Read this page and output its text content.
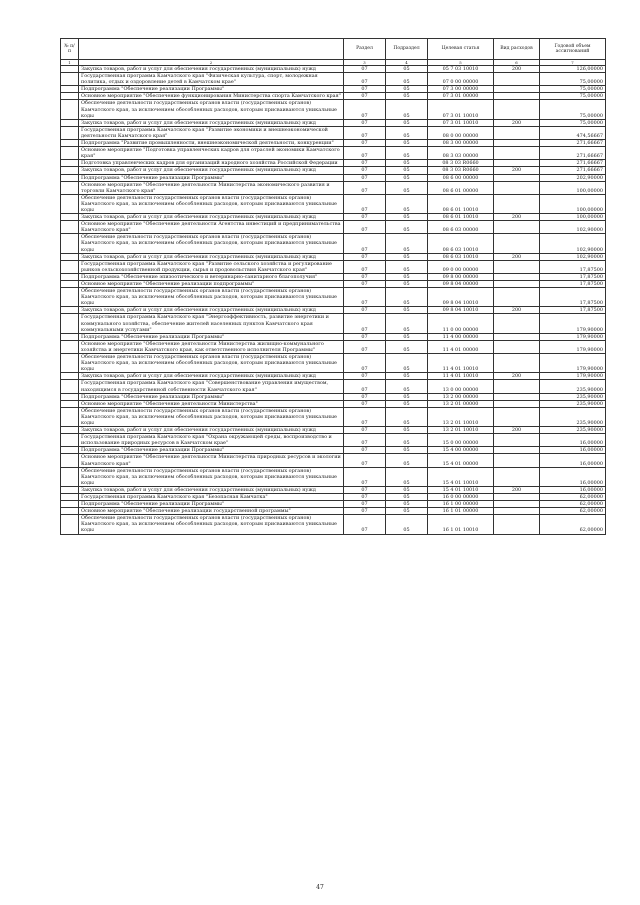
№ п/п		Раздел	Подраздел	Целевая статья	Вид расходов	Годовой объем ассигнований
1	2	3	4	5	6	7
	Закупка товаров, работ и услуг для обеспечения государственных (муниципальных) нужд	07	05	05 7 03 10010	200	126,00000
	Государственная программа Камчатского края "Физическая культура, спорт, молодежная политика, отдых и оздоровление детей в Камчатском крае"	07	05	07 0 00 00000		75,00000
	Подпрограмма "Обеспечение реализации Программы"	07	05	07 3 00 00000		75,00000
	Основное мероприятие "Обеспечение функционирования Министерства спорта Камчатского края"	07	05	07 3 01 00000		75,00000
	Обеспечение деятельности государственных органов власти (государственных органов) Камчатского края, за исключением обособленных расходов, которым присваиваются уникальные коды	07	05	07 3 01 10010		75,00000
	Закупка товаров, работ и услуг для обеспечения государственных (муниципальных) нужд	07	05	07 3 01 10010	200	75,00000
	Государственная программа Камчатского края "Развитие экономики и внешнеэкономической деятельности Камчатского края"	07	05	08 0 00 00000		474,56667
	Подпрограмма "Развитие промышленности, внешнеэкономической деятельности, конкуренции"	07	05	08 3 00 00000		271,66667
	Основное мероприятие "Подготовка управленческих кадров для отраслей экономики Камчатского края"	07	05	08 3 03 00000		271,66667
	Подготовка управленческих кадров для организаций народного хозяйства Российской Федерации	07	05	08 3 03 R0660		271,66667
	Закупка товаров, работ и услуг для обеспечения государственных (муниципальных) нужд	07	05	08 3 03 R0660	200	271,66667
	Подпрограмма "Обеспечение реализации Программы"	07	05	08 6 00 00000		202,90000
	Основное мероприятие "Обеспечение деятельности Министерства экономического развития и торговли Камчатского края"	07	05	08 6 01 00000		100,00000
	Обеспечение деятельности государственных органов власти (государственных органов) Камчатского края, за исключением обособленных расходов, которым присваиваются уникальные коды	07	05	08 6 01 10010		100,00000
	Закупка товаров, работ и услуг для обеспечения государственных (муниципальных) нужд	07	05	08 6 01 10010	200	100,00000
	Основное мероприятие "Обеспечение деятельности Агентства инвестиций и предпринимательства Камчатского края"	07	05	08 6 03 00000		102,90000
	Обеспечение деятельности государственных органов власти (государственных органов) Камчатского края, за исключением обособленных расходов, которым присваиваются уникальные коды	07	05	08 6 03 10010		102,90000
	Закупка товаров, работ и услуг для обеспечения государственных (муниципальных) нужд	07	05	08 6 03 10010	200	102,90000
	Государственная программа Камчатского края "Развитие сельского хозяйства и регулирование рынков сельскохозяйственной продукции, сырья и продовольствия Камчатского края"	07	05	09 0 00 00000		17,87500
	Подпрограмма "Обеспечение эпизоотического и ветеринарно-санитарного благополучия"	07	05	09 8 00 00000		17,87500
	Основное мероприятие "Обеспечение реализации подпрограммы"	07	05	09 8 04 00000		17,87500
	Обеспечение деятельности государственных органов власти (государственных органов) Камчатского края, за исключением обособленных расходов, которым присваиваются уникальные коды	07	05	09 8 04 10010		17,87500
	Закупка товаров, работ и услуг для обеспечения государственных (муниципальных) нужд	07	05	09 8 04 10010	200	17,87500
	Государственная программа Камчатского края "Энергоэффективность, развитие энергетики и коммунального хозяйства, обеспечение жителей населенных пунктов Камчатского края коммунальными услугами"	07	05	11 0 00 00000		179,90000
	Подпрограмма "Обеспечение реализации Программы"	07	05	11 4 00 00000		179,90000
	Основное мероприятие "Обеспечение деятельности Министерства жилищно-коммунального хозяйства и энергетики Камчатского края, как ответственного исполнителя Программы"	07	05	11 4 01 00000		179,90000
	Обеспечение деятельности государственных органов власти (государственных органов) Камчатского края, за исключением обособленных расходов, которым присваиваются уникальные коды	07	05	11 4 01 10010		179,90000
	Закупка товаров, работ и услуг для обеспечения государственных (муниципальных) нужд	07	05	11 4 01 10010	200	179,90000
	Государственная программа Камчатского края "Совершенствование управления имуществом, находящимся в государственной собственности Камчатского края"	07	05	13 0 00 00000		235,90000
	Подпрограмма "Обеспечение реализации Программы"	07	05	13 2 00 00000		235,90000
	Основное мероприятие "Обеспечение деятельности Министерства"	07	05	13 2 01 00000		235,90000
	Обеспечение деятельности государственных органов власти (государственных органов) Камчатского края, за исключением обособленных расходов, которым присваиваются уникальные коды	07	05	13 2 01 10010		235,90000
	Закупка товаров, работ и услуг для обеспечения государственных (муниципальных) нужд	07	05	13 2 01 10010	200	235,90000
	Государственная программа Камчатского края "Охрана окружающей среды, воспроизводство и использование природных ресурсов в Камчатском крае"	07	05	15 0 00 00000		16,00000
	Подпрограмма "Обеспечение реализации Программы"	07	05	15 4 00 00000		16,00000
	Основное мероприятие "Обеспечение деятельности Министерства природных ресурсов и экологии Камчатского края"	07	05	15 4 01 00000		16,00000
	Обеспечение деятельности государственных органов власти (государственных органов) Камчатского края, за исключением обособленных расходов, которым присваиваются уникальные коды	07	05	15 4 01 10010		16,00000
	Закупка товаров, работ и услуг для обеспечения государственных (муниципальных) нужд	07	05	15 4 01 10010	200	16,00000
	Государственная программа Камчатского края "Безопасная Камчатка"	07	05	16 0 00 00000		62,00000
	Подпрограмма "Обеспечение реализации Программы"	07	05	16 1 00 00000		62,00000
	Основное мероприятие "Обеспечение реализации государственной программы"	07	05	16 1 01 00000		62,00000
	Обеспечение деятельности государственных органов власти (государственных органов) Камчатского края, за исключением обособленных расходов, которым присваиваются уникальные коды	07	05	16 1 01 10010		62,00000
47
